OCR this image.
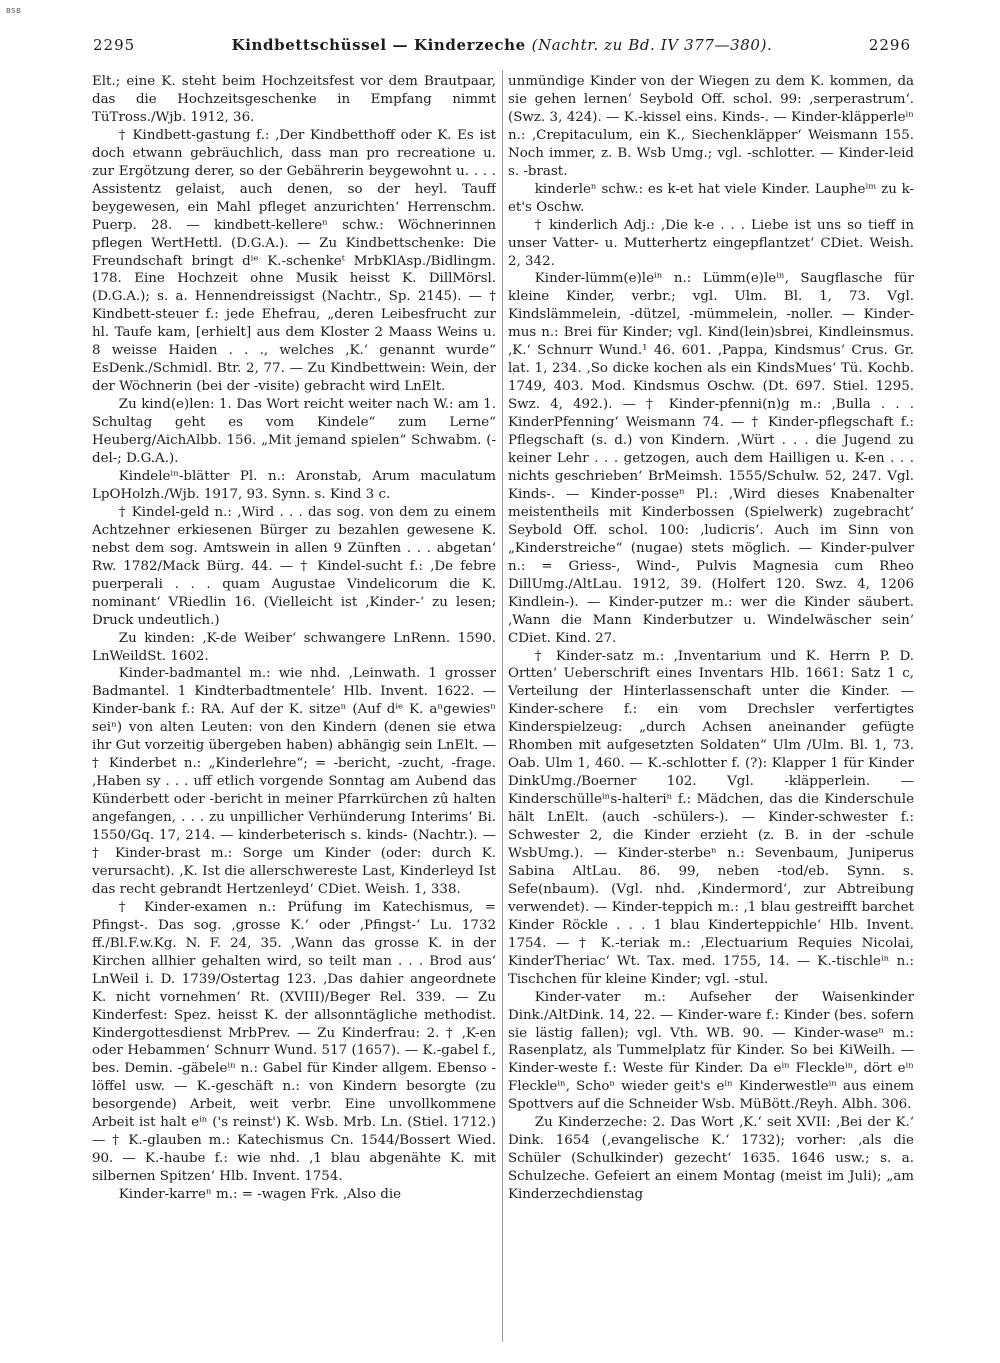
BSB
2295	Kindbettschüssel — Kinderzeche (Nachtr. zu Bd. IV 377—380).	2296

Elt.; eine K. steht beim Hochzeitsfest vor dem Brautpaar, das die Hochzeitsgeschenke in Empfang nimmt TüTross./Wjb. 1912, 36.

† Kindbett-gastung f.: ‚Der Kindbetthoff oder K. Es ist doch etwann gebräuchlich, dass man pro recreatione u. zur Ergötzung derer, so der Gebährerin beygewohnt u. . . . Assistentz gelaist, auch denen, so der heyl. Tauff beygewesen, ein Mahl pfleget anzurichten‘ Herrenschm. Puerp. 28. — kindbett-kellereⁿ schw.: Wöchnerinnen pflegen WertHettl. (D.G.A.). — Zu Kindbettschenke: Die Freundschaft bringt dⁱᵉ K.-schenkeᵗ MrbKlAsp./Bidlingm. 178. Eine Hochzeit ohne Musik heisst K. DillMörsl. (D.G.A.); s. a. Hennendreissigst (Nachtr., Sp. 2145). — † Kindbett-steuer f.: jede Ehefrau, „deren Leibesfrucht zur hl. Taufe kam, [erhielt] aus dem Kloster 2 Maass Weins u. 8 weisse Haiden . . ., welches ‚K.‘ genannt wurde“ EsDenk./Schmidl. Btr. 2, 77. — Zu Kindbettwein: Wein, der der Wöchnerin (bei der -visite) gebracht wird LnElt.

Zu kind(e)len: 1. Das Wort reicht weiter nach W.: am 1. Schultag geht es vom Kindele“ zum Lerne“ Heuberg/AichAlbb. 156. „Mit jemand spielen“ Schwabm. (-del-; D.G.A.).

Kindeleⁱⁿ-blätter Pl. n.: Aronstab, Arum maculatum LpOHolzh./Wjb. 1917, 93. Synn. s. Kind 3 c.

† Kindel-geld n.: ‚Wird . . . das sog. von dem zu einem Achtzehner erkiesenen Bürger zu bezahlen gewesene K. nebst dem sog. Amtswein in allen 9 Zünften . . . abgetan‘ Rw. 1782/Mack Bürg. 44. — † Kindel-sucht f.: ‚De febre puerperali . . . quam Augustae Vindelicorum die K. nominant‘ VRiedlin 16. (Vielleicht ist ‚Kinder-‘ zu lesen; Druck undeutlich.)

Zu kinden: ‚K-de Weiber‘ schwangere LnRenn. 1590. LnWeildSt. 1602.

Kinder-badmantel m.: wie nhd. ‚Leinwath. 1 grosser Badmantel. 1 Kindterbadtmentele‘ Hlb. Invent. 1622. — Kinder-bank f.: RA. Auf der K. sitzeⁿ (Auf dⁱᵉ K. aⁿgewiesⁿ seiⁿ) von alten Leuten: von den Kindern (denen sie etwa ihr Gut vorzeitig übergeben haben) abhängig sein LnElt. — † Kinderbet n.: „Kinderlehre“; = -bericht, -zucht, -frage. ‚Haben sy . . . uff etlich vorgende Sonntag am Aubend das Künderbett oder -bericht in meiner Pfarrkürchen zû halten angefangen, . . . zu unpillicher Verhünderung Interims‘ Bi. 1550/Gq. 17, 214. — kinderbeterisch s. kinds- (Nachtr.). — † Kinder-brast m.: Sorge um Kinder (oder: durch K. verursacht). ‚K. Ist die allerschwereste Last, Kinderleyd Ist das recht gebrandt Hertzenleyd‘ CDiet. Weish. 1, 338.

† Kinder-examen n.: Prüfung im Katechismus, = Pfingst-. Das sog. ‚grosse K.‘ oder ‚Pfingst-‘ Lu. 1732 ff./Bl.F.w.Kg. N. F. 24, 35. ‚Wann das grosse K. in der Kirchen allhier gehalten wird, so teilt man . . . Brod aus‘ LnWeil i. D. 1739/Ostertag 123. ‚Das dahier angeordnete K. nicht vornehmen‘ Rt. (XVIII)/Beger Rel. 339. — Zu Kinderfest: Spez. heisst K. der allsonntägliche methodist. Kindergottesdienst MrbPrev. — Zu Kinderfrau: 2. † ‚K-en oder Hebammen‘ Schnurr Wund. 517 (1657). — K.-gabel f., bes. Demin. -gäbeleⁱⁿ n.: Gabel für Kinder allgem. Ebenso -löffel usw. — K.-geschäft n.: von Kindern besorgte (zu besorgende) Arbeit, weit verbr. Eine unvollkommene Arbeit ist halt eⁱⁿ ('s reinst') K. Wsb. Mrb. Ln. (Stiel. 1712.) — † K.-glauben m.: Katechismus Cn. 1544/Bossert Wied. 90. — K.-haube f.: wie nhd. ‚1 blau abgenähte K. mit silbernen Spitzen‘ Hlb. Invent. 1754.

Kinder-karreⁿ m.: = -wagen Frk. ‚Also die

unmündige Kinder von der Wiegen zu dem K. kommen, da sie gehen lernen‘ Seybold Off. schol. 99: ‚serperastrum‘. (Swz. 3, 424). — K.-kissel eins. Kinds-. — Kinder-kläpperleⁱⁿ n.: ‚Crepitaculum, ein K., Siechenkläpper‘ Weismann 155. Noch immer, z. B. Wsb Umg.; vgl. -schlotter. — Kinder-leid s. -brast.

kinderleⁿ schw.: es k-et hat viele Kinder. Laupheⁱᵐ zu k-et's Oschw.

† kinderlich Adj.: ‚Die k-e . . . Liebe ist uns so tieff in unser Vatter- u. Mutterhertz eingepflantzet‘ CDiet. Weish. 2, 342.

Kinder-lümm(e)leⁱⁿ n.: Lümm(e)leⁱⁿ, Saugflasche für kleine Kinder, verbr.; vgl. Ulm. Bl. 1, 73. Vgl. Kindslämmelein, -dützel, -mümmelein, -noller. — Kinder-mus n.: Brei für Kinder; vgl. Kind(lein)sbrei, Kindleinsmus. ‚K.‘ Schnurr Wund.¹ 46. 601. ‚Pappa, Kindsmus‘ Crus. Gr. lat. 1, 234. ‚So dicke kochen als ein KindsMues‘ Tü. Kochb. 1749, 403. Mod. Kindsmus Oschw. (Dt. 697. Stiel. 1295. Swz. 4, 492.). — † Kinder-pfenni(n)g m.: ‚Bulla . . . KinderPfenning‘ Weismann 74. — † Kinder-pflegschaft f.: Pflegschaft (s. d.) von Kindern. ‚Würt . . . die Jugend zu keiner Lehr . . . getzogen, auch dem Hailligen u. K-en . . . nichts geschrieben‘ BrMeimsh. 1555/Schulw. 52, 247. Vgl. Kinds-. — Kinder-posseⁿ Pl.: ‚Wird dieses Knabenalter meistentheils mit Kinderbossen (Spielwerk) zugebracht‘ Seybold Off. schol. 100: ‚ludicris‘. Auch im Sinn von „Kinderstreiche“ (nugae) stets möglich. — Kinder-pulver n.: = Griess-, Wind-, Pulvis Magnesia cum Rheo DillUmg./AltLau. 1912, 39. (Holfert 120. Swz. 4, 1206 Kindlein-). — Kinder-putzer m.: wer die Kinder säubert. ‚Wann die Mann Kinderbutzer u. Windelwäscher sein‘ CDiet. Kind. 27.

† Kinder-satz m.: ‚Inventarium und K. Herrn P. D. Ortten‘ Ueberschrift eines Inventars Hlb. 1661: Satz 1 c, Verteilung der Hinterlassenschaft unter die Kinder. — Kinder-schere f.: ein vom Drechsler verfertigtes Kinderspielzeug: „durch Achsen aneinander gefügte Rhomben mit aufgesetzten Soldaten“ Ulm /Ulm. Bl. 1, 73. Oab. Ulm 1, 460. — K.-schlotter f. (?): Klapper 1 für Kinder DinkUmg./Boerner 102. Vgl. -kläpperlein. — Kinderschülleⁱⁿs-halteriⁿ f.: Mädchen, das die Kinderschule hält LnElt. (auch -schülers-). — Kinder-schwester f.: Schwester 2, die Kinder erzieht (z. B. in der -schule WsbUmg.). — Kinder-sterbeⁿ n.: Sevenbaum, Juniperus Sabina AltLau. 86. 99, neben -tod/eb. Synn. s. Sefe(nbaum). (Vgl. nhd. ‚Kindermord‘, zur Abtreibung verwendet). — Kinder-teppich m.: ‚1 blau gestreifft barchet Kinder Röckle . . . 1 blau Kinderteppichle‘ Hlb. Invent. 1754. — † K.-teriak m.: ‚Electuarium Requies Nicolai, KinderTheriac‘ Wt. Tax. med. 1755, 14. — K.-tischleⁱⁿ n.: Tischchen für kleine Kinder; vgl. -stul.

Kinder-vater m.: Aufseher der Waisenkinder Dink./AltDink. 14, 22. — Kinder-ware f.: Kinder (bes. sofern sie lästig fallen); vgl. Vth. WB. 90. — Kinder-waseⁿ m.: Rasenplatz, als Tummelplatz für Kinder. So bei KiWeilh. — Kinder-weste f.: Weste für Kinder. Da eⁱⁿ Fleckleⁱⁿ, dört eⁱⁿ Fleckleⁱⁿ, Schoⁿ wieder geit's eⁱⁿ Kinderwestleⁱⁿ aus einem Spottvers auf die Schneider Wsb. MüBött./Reyh. Albh. 306.

Zu Kinderzeche: 2. Das Wort ‚K.‘ seit XVII: ‚Bei der K.‘ Dink. 1654 (‚evangelische K.‘ 1732); vorher: ‚als die Schüler (Schulkinder) gezecht‘ 1635. 1646 usw.; s. a. Schulzeche. Gefeiert an einem Montag (meist im Juli); „am Kinderzechdienstag
